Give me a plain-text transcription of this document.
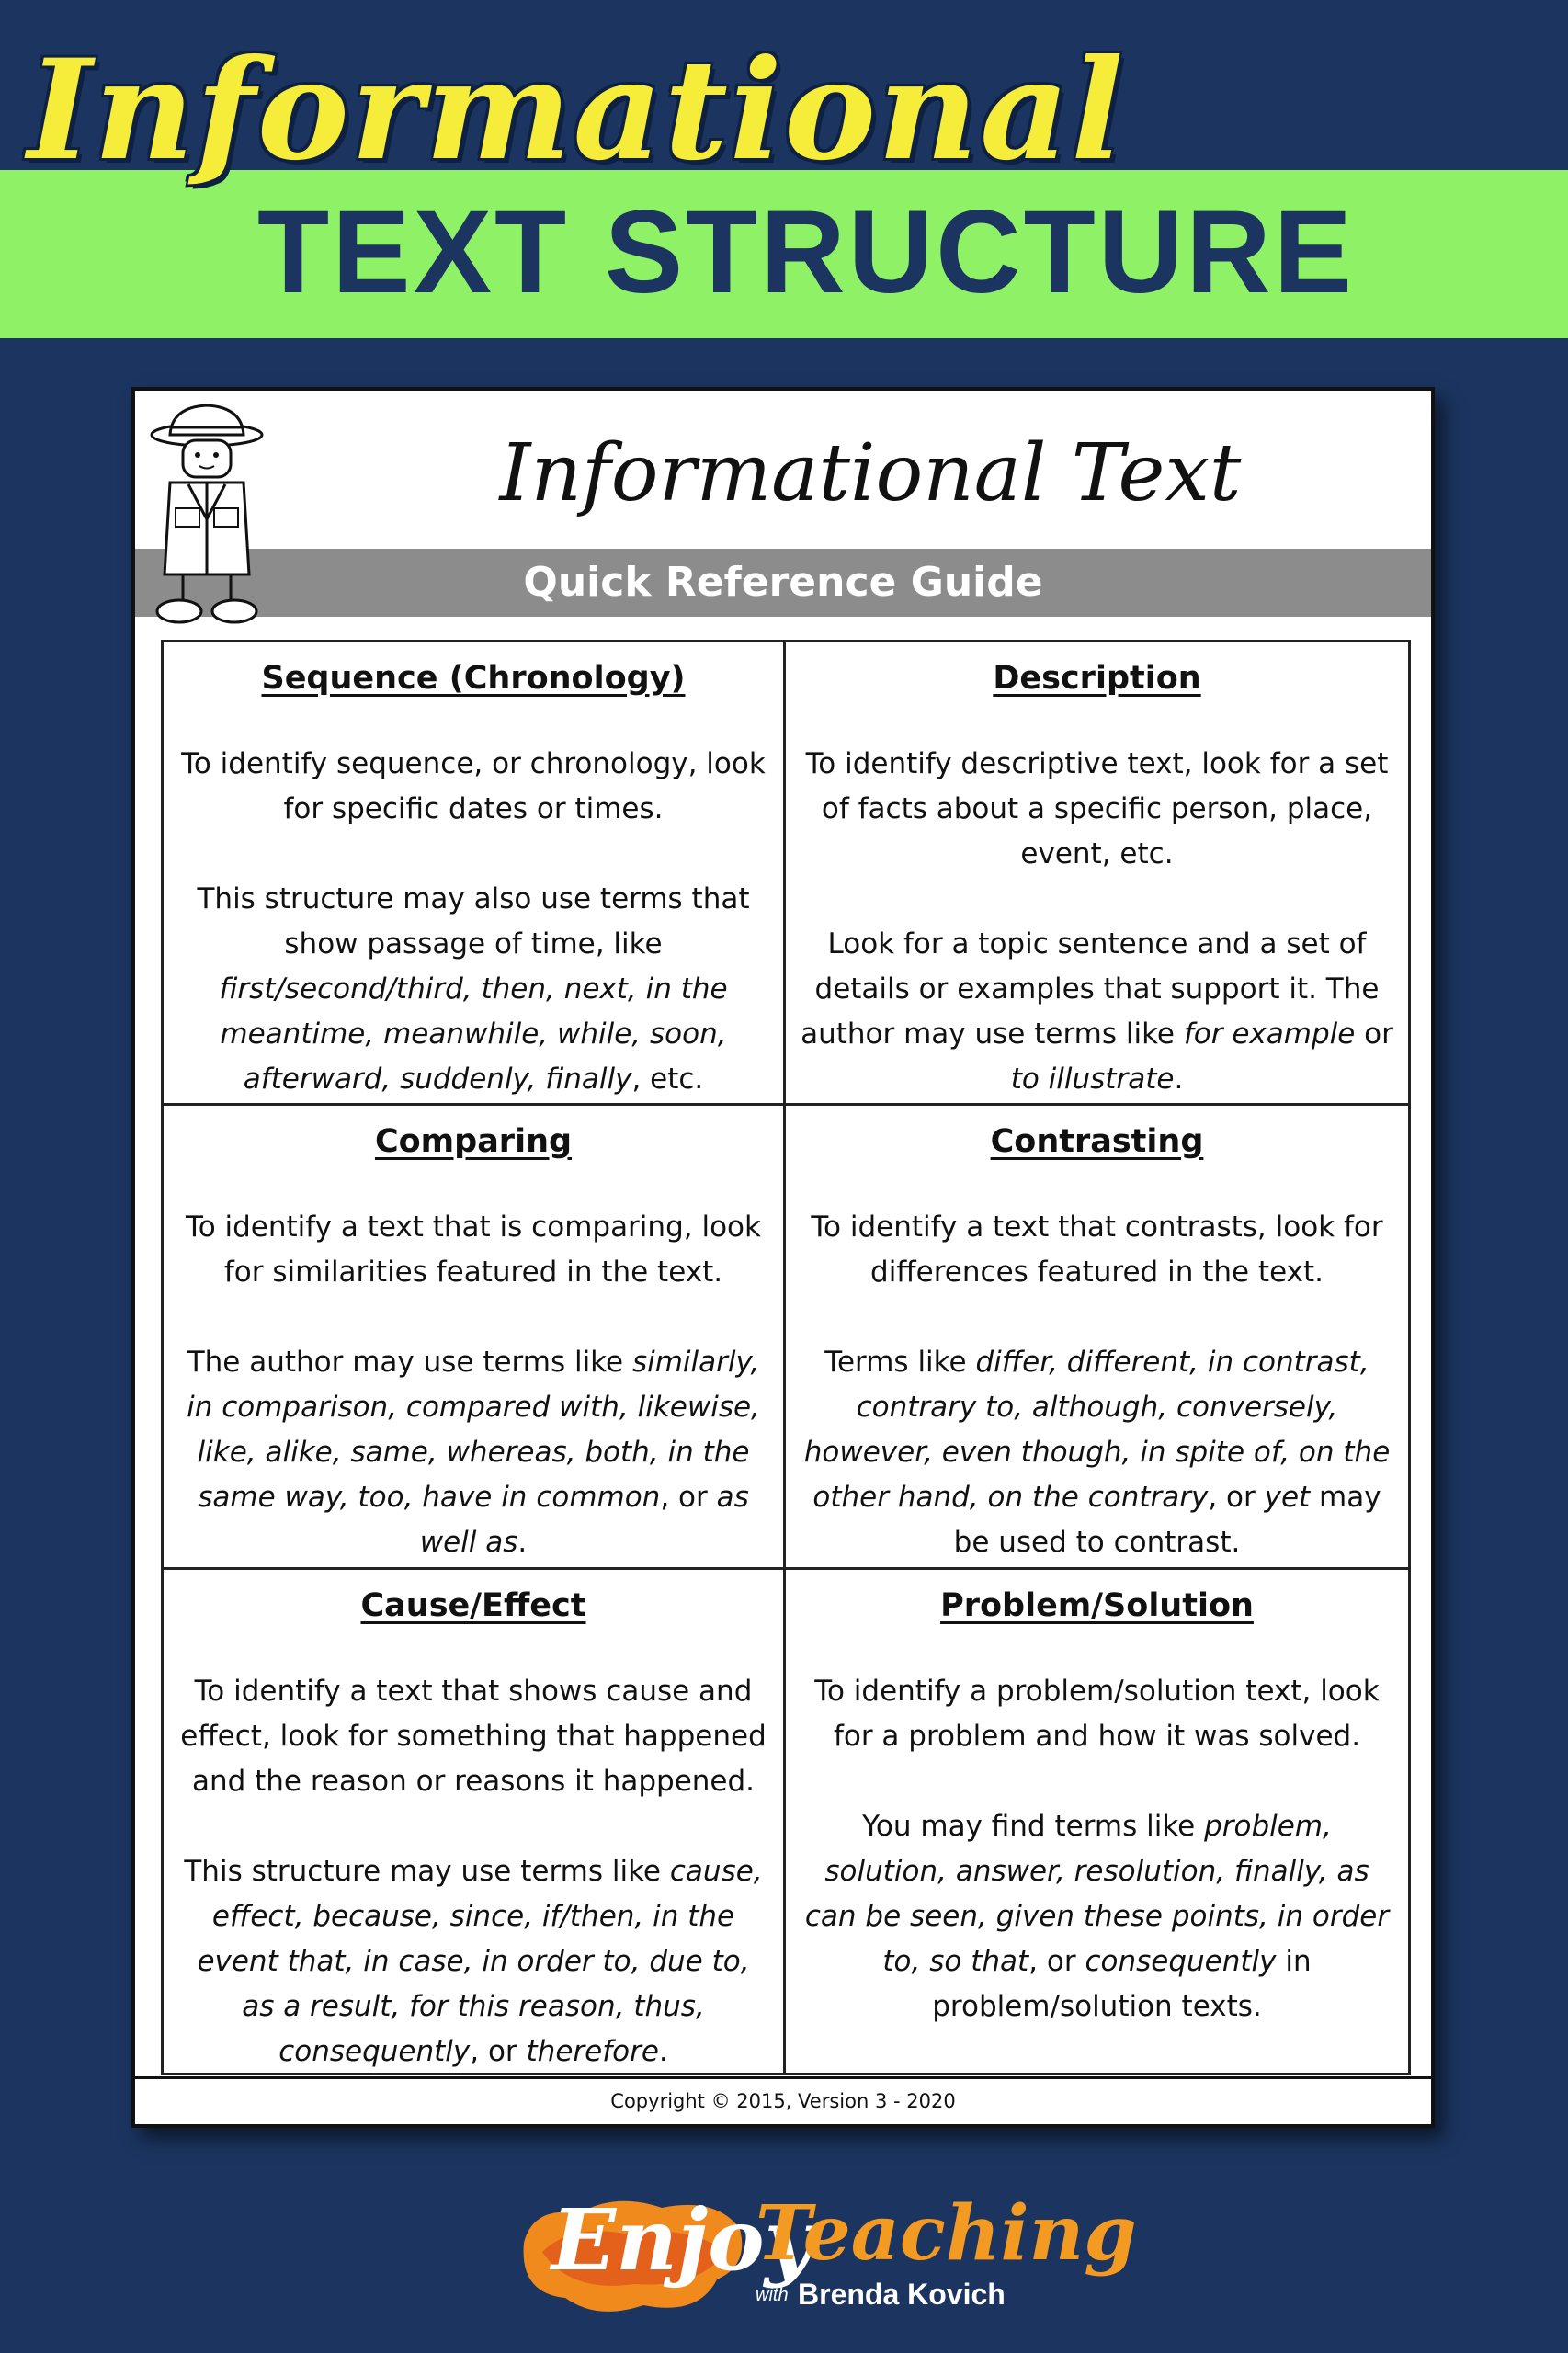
Informational
TEXT STRUCTURE
Informational Text
Quick Reference Guide
Sequence (Chronology)

To identify sequence, or chronology, look for specific dates or times.

This structure may also use terms that show passage of time, like first/second/third, then, next, in the meantime, meanwhile, while, soon, afterward, suddenly, finally, etc.

Description

To identify descriptive text, look for a set of facts about a specific person, place, event, etc.

Look for a topic sentence and a set of details or examples that support it. The author may use terms like for example or to illustrate.

Comparing

To identify a text that is comparing, look for similarities featured in the text.

The author may use terms like similarly, in comparison, compared with, likewise, like, alike, same, whereas, both, in the same way, too, have in common, or as well as.

Contrasting

To identify a text that contrasts, look for differences featured in the text.

Terms like differ, different, in contrast, contrary to, although, conversely, however, even though, in spite of, on the other hand, on the contrary, or yet may be used to contrast.

Cause/Effect

To identify a text that shows cause and effect, look for something that happened and the reason or reasons it happened.

This structure may use terms like cause, effect, because, since, if/then, in the event that, in case, in order to, due to, as a result, for this reason, thus, consequently, or therefore.

Problem/Solution

To identify a problem/solution text, look for a problem and how it was solved.

You may find terms like problem, solution, answer, resolution, finally, as can be seen, given these points, in order to, so that, or consequently in problem/solution texts.

Copyright © 2015, Version 3 - 2020
Enjoy
Teaching
with Brenda Kovich
